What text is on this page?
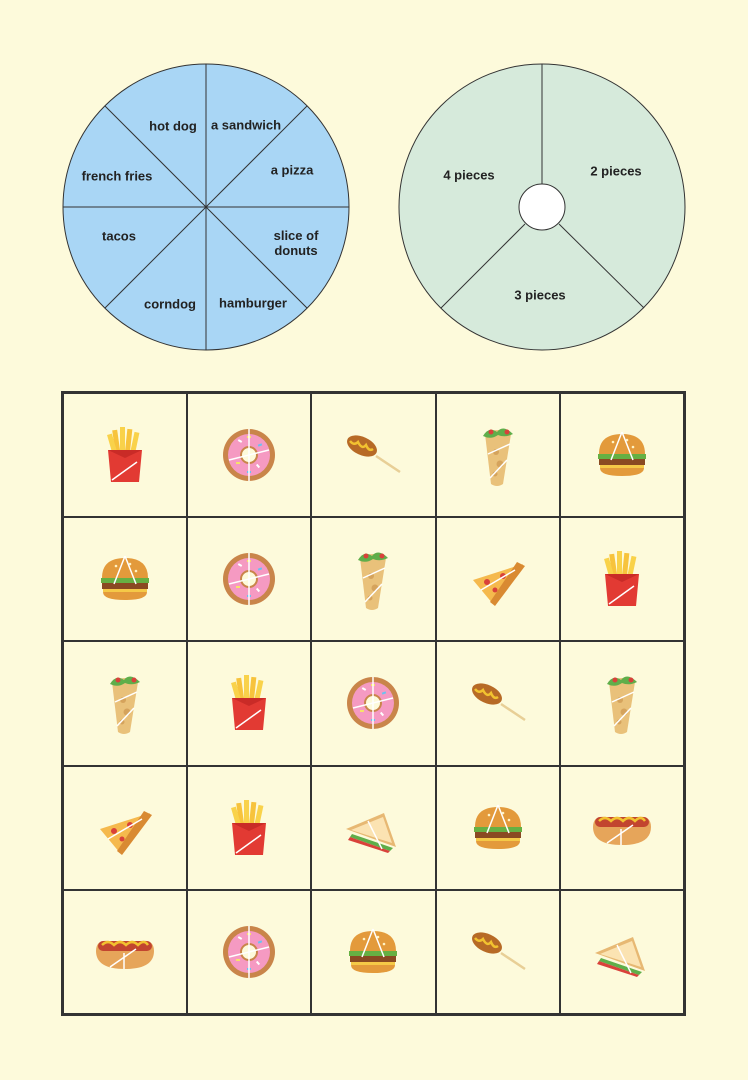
hot dog a sandwich
a pizza
slice of
donuts
hamburger
corndog
tacos
french fries	2 pieces
3 pieces
4 pieces
